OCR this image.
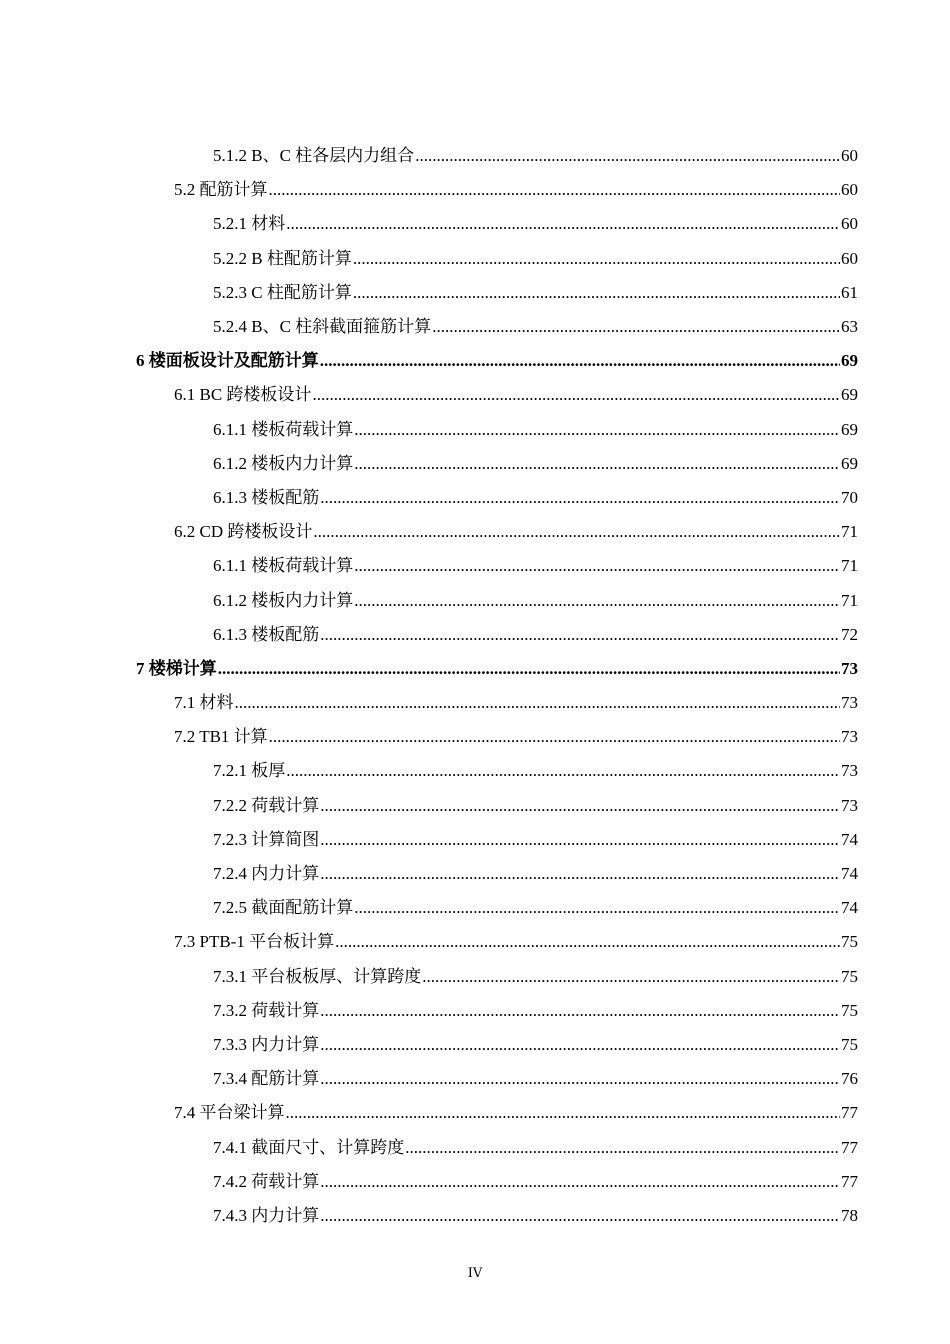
5.1.2 B、C 柱各层内力组合 .....	60
5.2 配筋计算 .....	60
5.2.1 材料 .....	60
5.2.2 B 柱配筋计算 .....	60
5.2.3 C 柱配筋计算 .....	61
5.2.4 B、C 柱斜截面箍筋计算 .....	63
6 楼面板设计及配筋计算 .....	69
6.1 BC 跨楼板设计 .....	69
6.1.1 楼板荷载计算 .....	69
6.1.2 楼板内力计算 .....	69
6.1.3 楼板配筋 .....	70
6.2 CD 跨楼板设计 .....	71
6.1.1 楼板荷载计算 .....	71
6.1.2 楼板内力计算 .....	71
6.1.3 楼板配筋 .....	72
7 楼梯计算 .....	73
7.1 材料 .....	73
7.2 TB1 计算 .....	73
7.2.1 板厚 .....	73
7.2.2 荷载计算 .....	73
7.2.3 计算简图 .....	74
7.2.4 内力计算 .....	74
7.2.5 截面配筋计算 .....	74
7.3 PTB-1 平台板计算 .....	75
7.3.1 平台板板厚、计算跨度 .....	75
7.3.2 荷载计算 .....	75
7.3.3 内力计算 .....	75
7.3.4 配筋计算 .....	76
7.4 平台梁计算 .....	77
7.4.1 截面尺寸、计算跨度 .....	77
7.4.2 荷载计算 .....	77
7.4.3 内力计算 .....	78
IV
